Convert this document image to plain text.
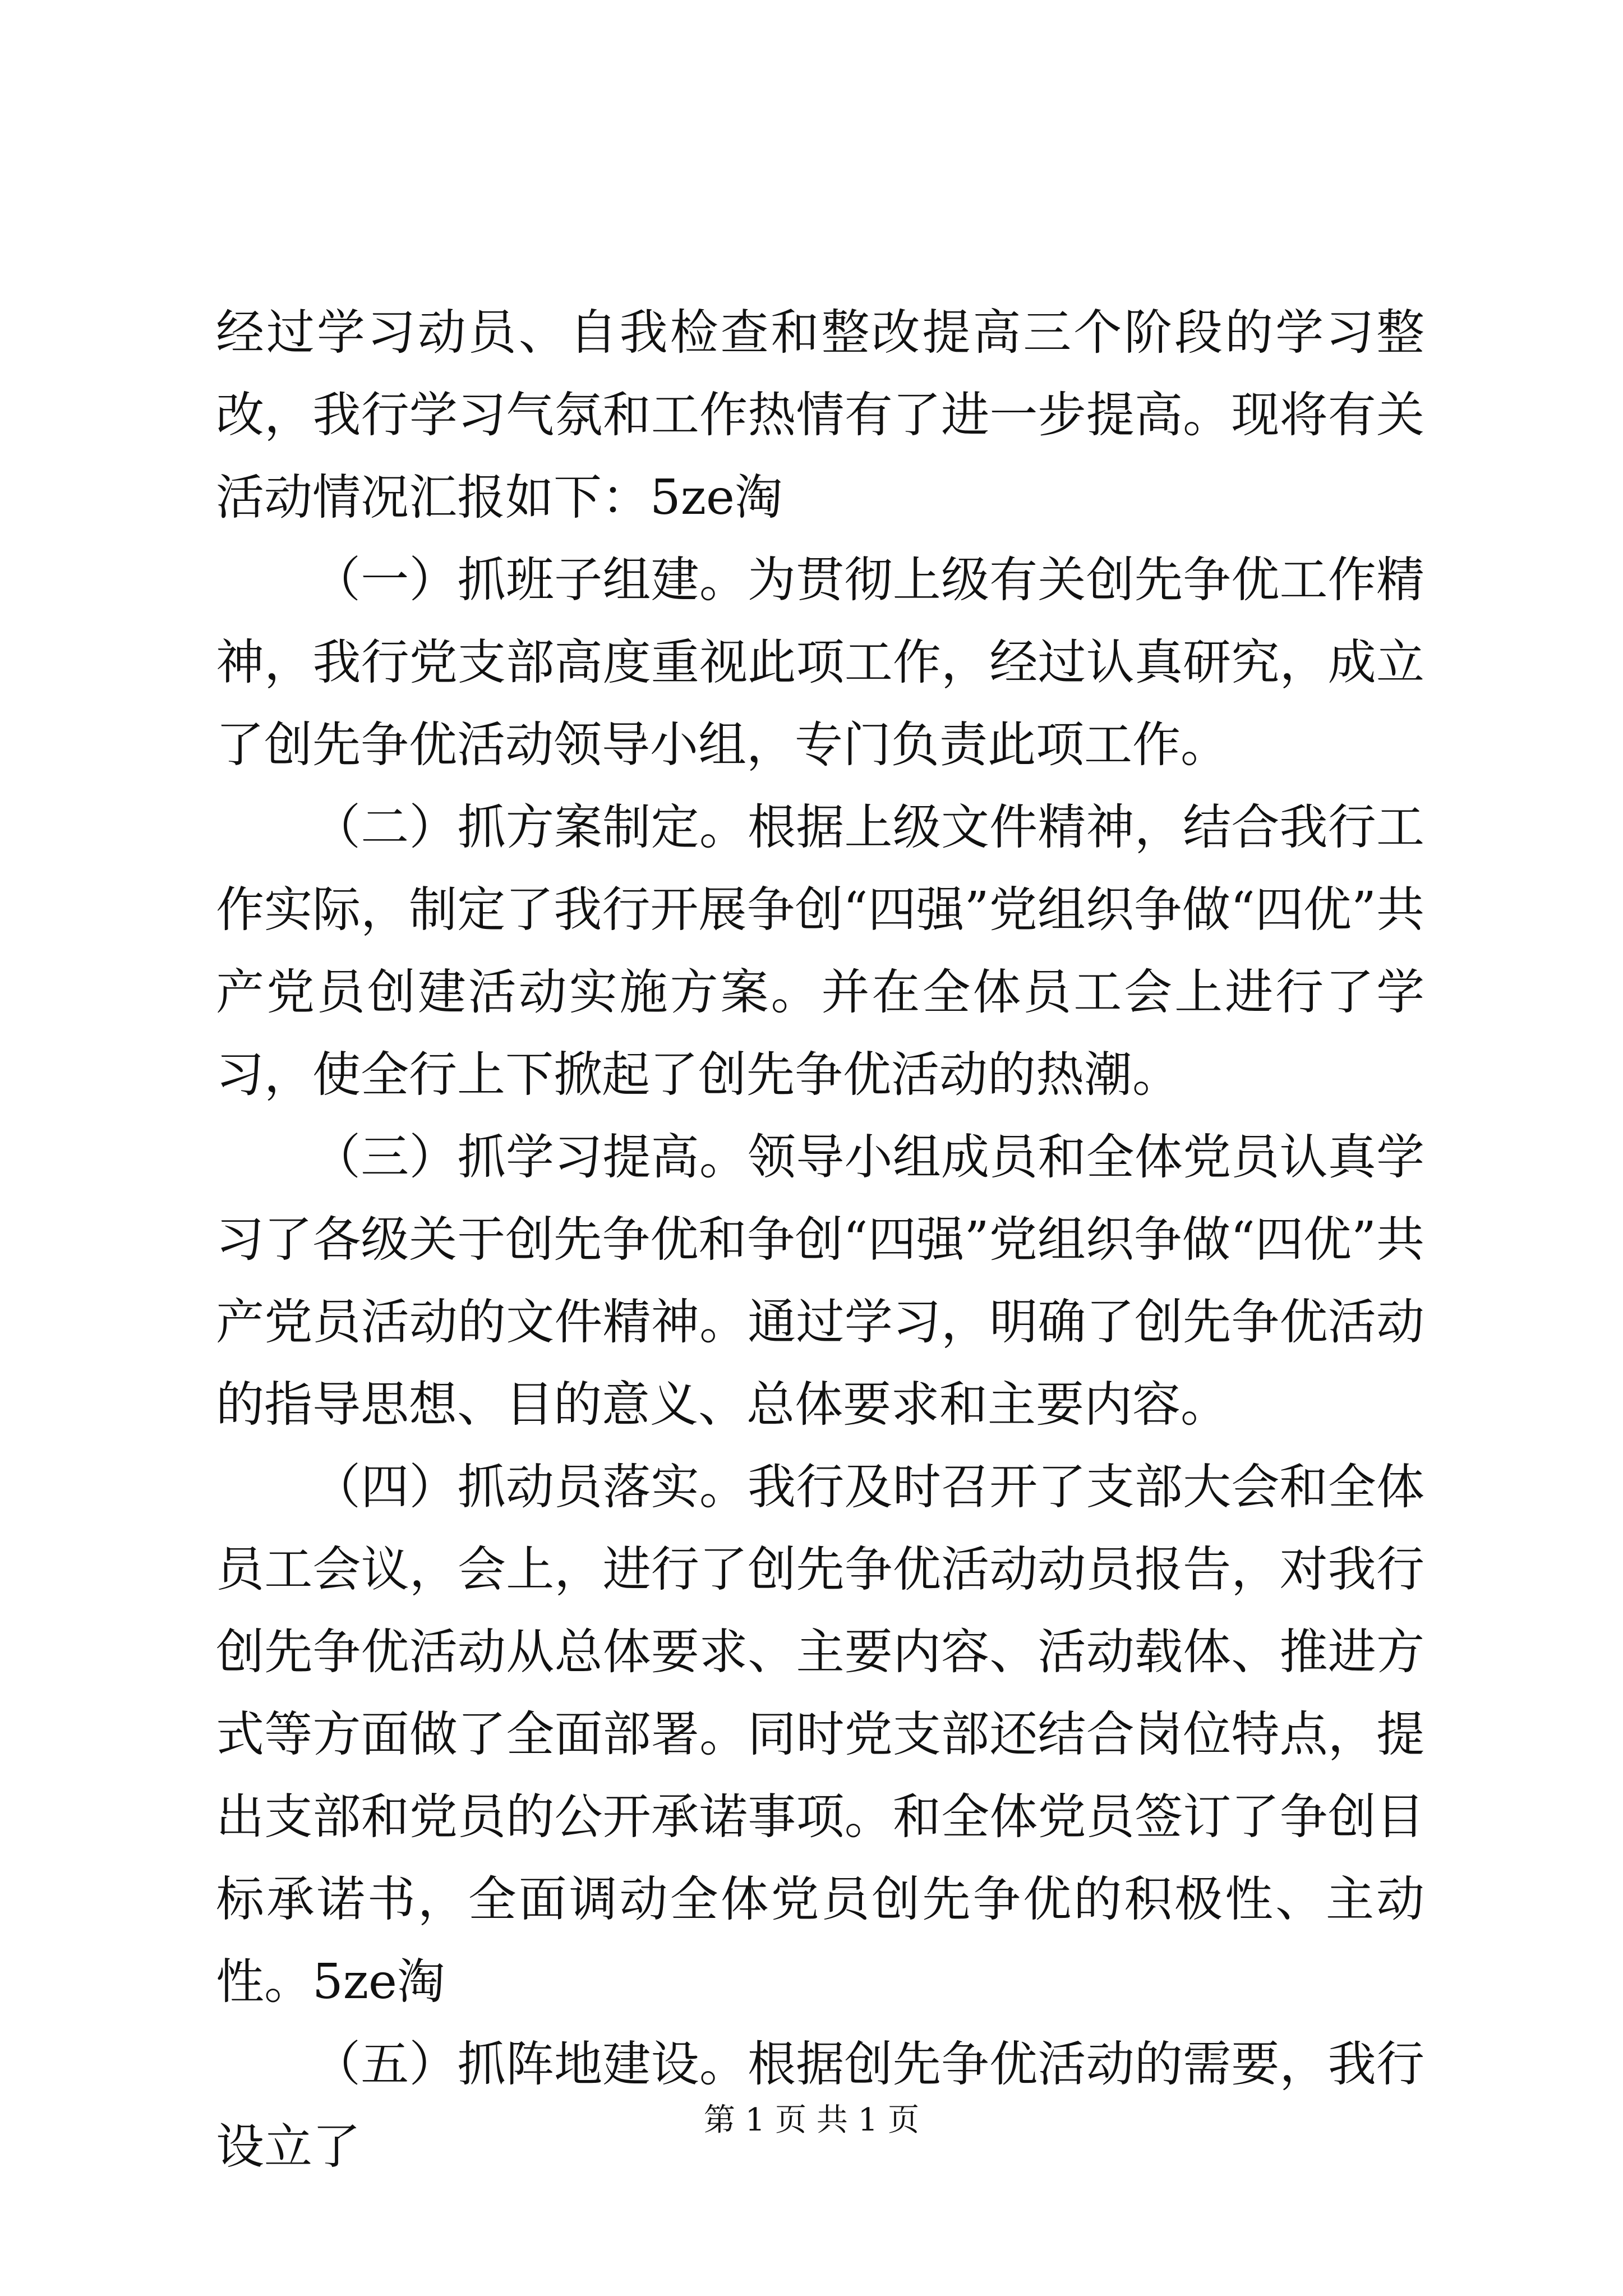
经过学习动员、自我检查和整改提高三个阶段的学习整改，我行学习气氛和工作热情有了进一步提高。现将有关活动情况汇报如下：5ze淘

（一）抓班子组建。为贯彻上级有关创先争优工作精神，我行党支部高度重视此项工作，经过认真研究，成立了创先争优活动领导小组，专门负责此项工作。

（二）抓方案制定。根据上级文件精神，结合我行工作实际，制定了我行开展争创“四强”党组织争做“四优”共产党员创建活动实施方案。并在全体员工会上进行了学习，使全行上下掀起了创先争优活动的热潮。

（三）抓学习提高。领导小组成员和全体党员认真学习了各级关于创先争优和争创“四强”党组织争做“四优”共产党员活动的文件精神。通过学习，明确了创先争优活动的指导思想、目的意义、总体要求和主要内容。

（四）抓动员落实。我行及时召开了支部大会和全体员工会议，会上，进行了创先争优活动动员报告，对我行创先争优活动从总体要求、主要内容、活动载体、推进方式等方面做了全面部署。同时党支部还结合岗位特点，提出支部和党员的公开承诺事项。和全体党员签订了争创目标承诺书，全面调动全体党员创先争优的积极性、主动性。5ze淘

（五）抓阵地建设。根据创先争优活动的需要，我行设立了	第 1 页 共 1 页
